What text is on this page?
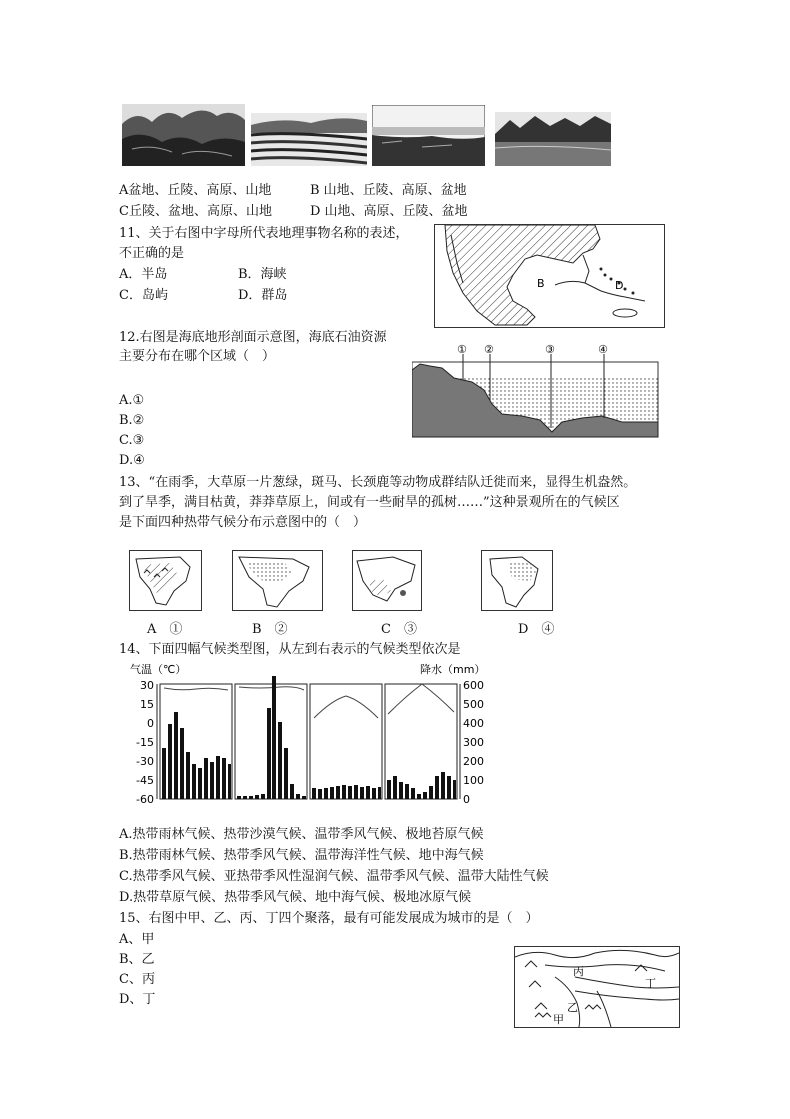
A盆地、丘陵、高原、山地	B 山地、丘陵、高原、盆地
C丘陵、盆地、高原、山地	D 山地、高原、丘陵、盆地
11、关于右图中字母所代表地理事物名称的表述，
不正确的是
A．半岛	B．海峡
C．岛屿	D．群岛
B	D
12.右图是海底地形剖面示意图，海底石油资源
主要分布在哪个区域（　）
A.①
B.②
C.③
D.④
① ②	③	④
13、“在雨季，大草原一片葱绿，斑马、长颈鹿等动物成群结队迁徙而来，显得生机盎然。
到了旱季，满目枯黄，莽莽草原上，间或有一些耐旱的孤树……”这种景观所在的气候区
是下面四种热带气候分布示意图中的（　）
A　①	B　②	C　③	D　④
14、下面四幅气候类型图，从左到右表示的气候类型依次是
气温（℃）	降水（mm）
30
15
0
-15
-30
-45
-60
600
500
400
300
200
100
0
A.热带雨林气候、热带沙漠气候、温带季风气候、极地苔原气候
B.热带雨林气候、热带季风气候、温带海洋性气候、地中海气候
C.热带季风气候、亚热带季风性湿润气候、温带季风气候、温带大陆性气候
D.热带草原气候、热带季风气候、地中海气候、极地冰原气候
15、右图中甲、乙、丙、丁四个聚落，最有可能发展成为城市的是（　）
A、甲
B、乙
C、丙
D、丁
丙
丁
乙
甲
